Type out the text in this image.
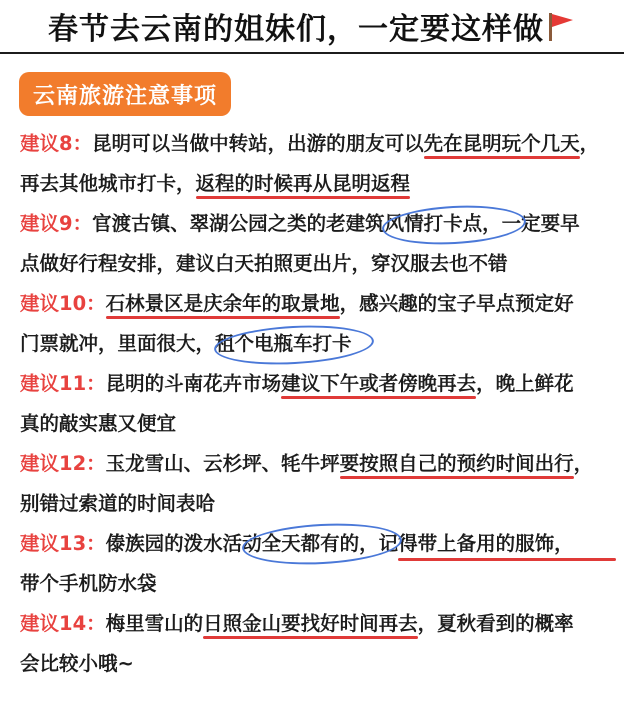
春节去云南的姐妹们，一定要这样做
云南旅游注意事项
建议8：昆明可以当做中转站，出游的朋友可以先在昆明玩个几天，
再去其他城市打卡，返程的时候再从昆明返程
建议9：官渡古镇、翠湖公园之类的老建筑风情打卡点，一定要早
点做好行程安排，建议白天拍照更出片，穿汉服去也不错
建议10：石林景区是庆余年的取景地，感兴趣的宝子早点预定好
门票就冲，里面很大，租个电瓶车打卡
建议11：昆明的斗南花卉市场建议下午或者傍晚再去，晚上鲜花
真的敲实惠又便宜
建议12：玉龙雪山、云杉坪、牦牛坪要按照自己的预约时间出行，
别错过索道的时间表哈
建议13：傣族园的泼水活动全天都有的，记得带上备用的服饰，
带个手机防水袋
建议14：梅里雪山的日照金山要找好时间再去，夏秋看到的概率
会比较小哦~
